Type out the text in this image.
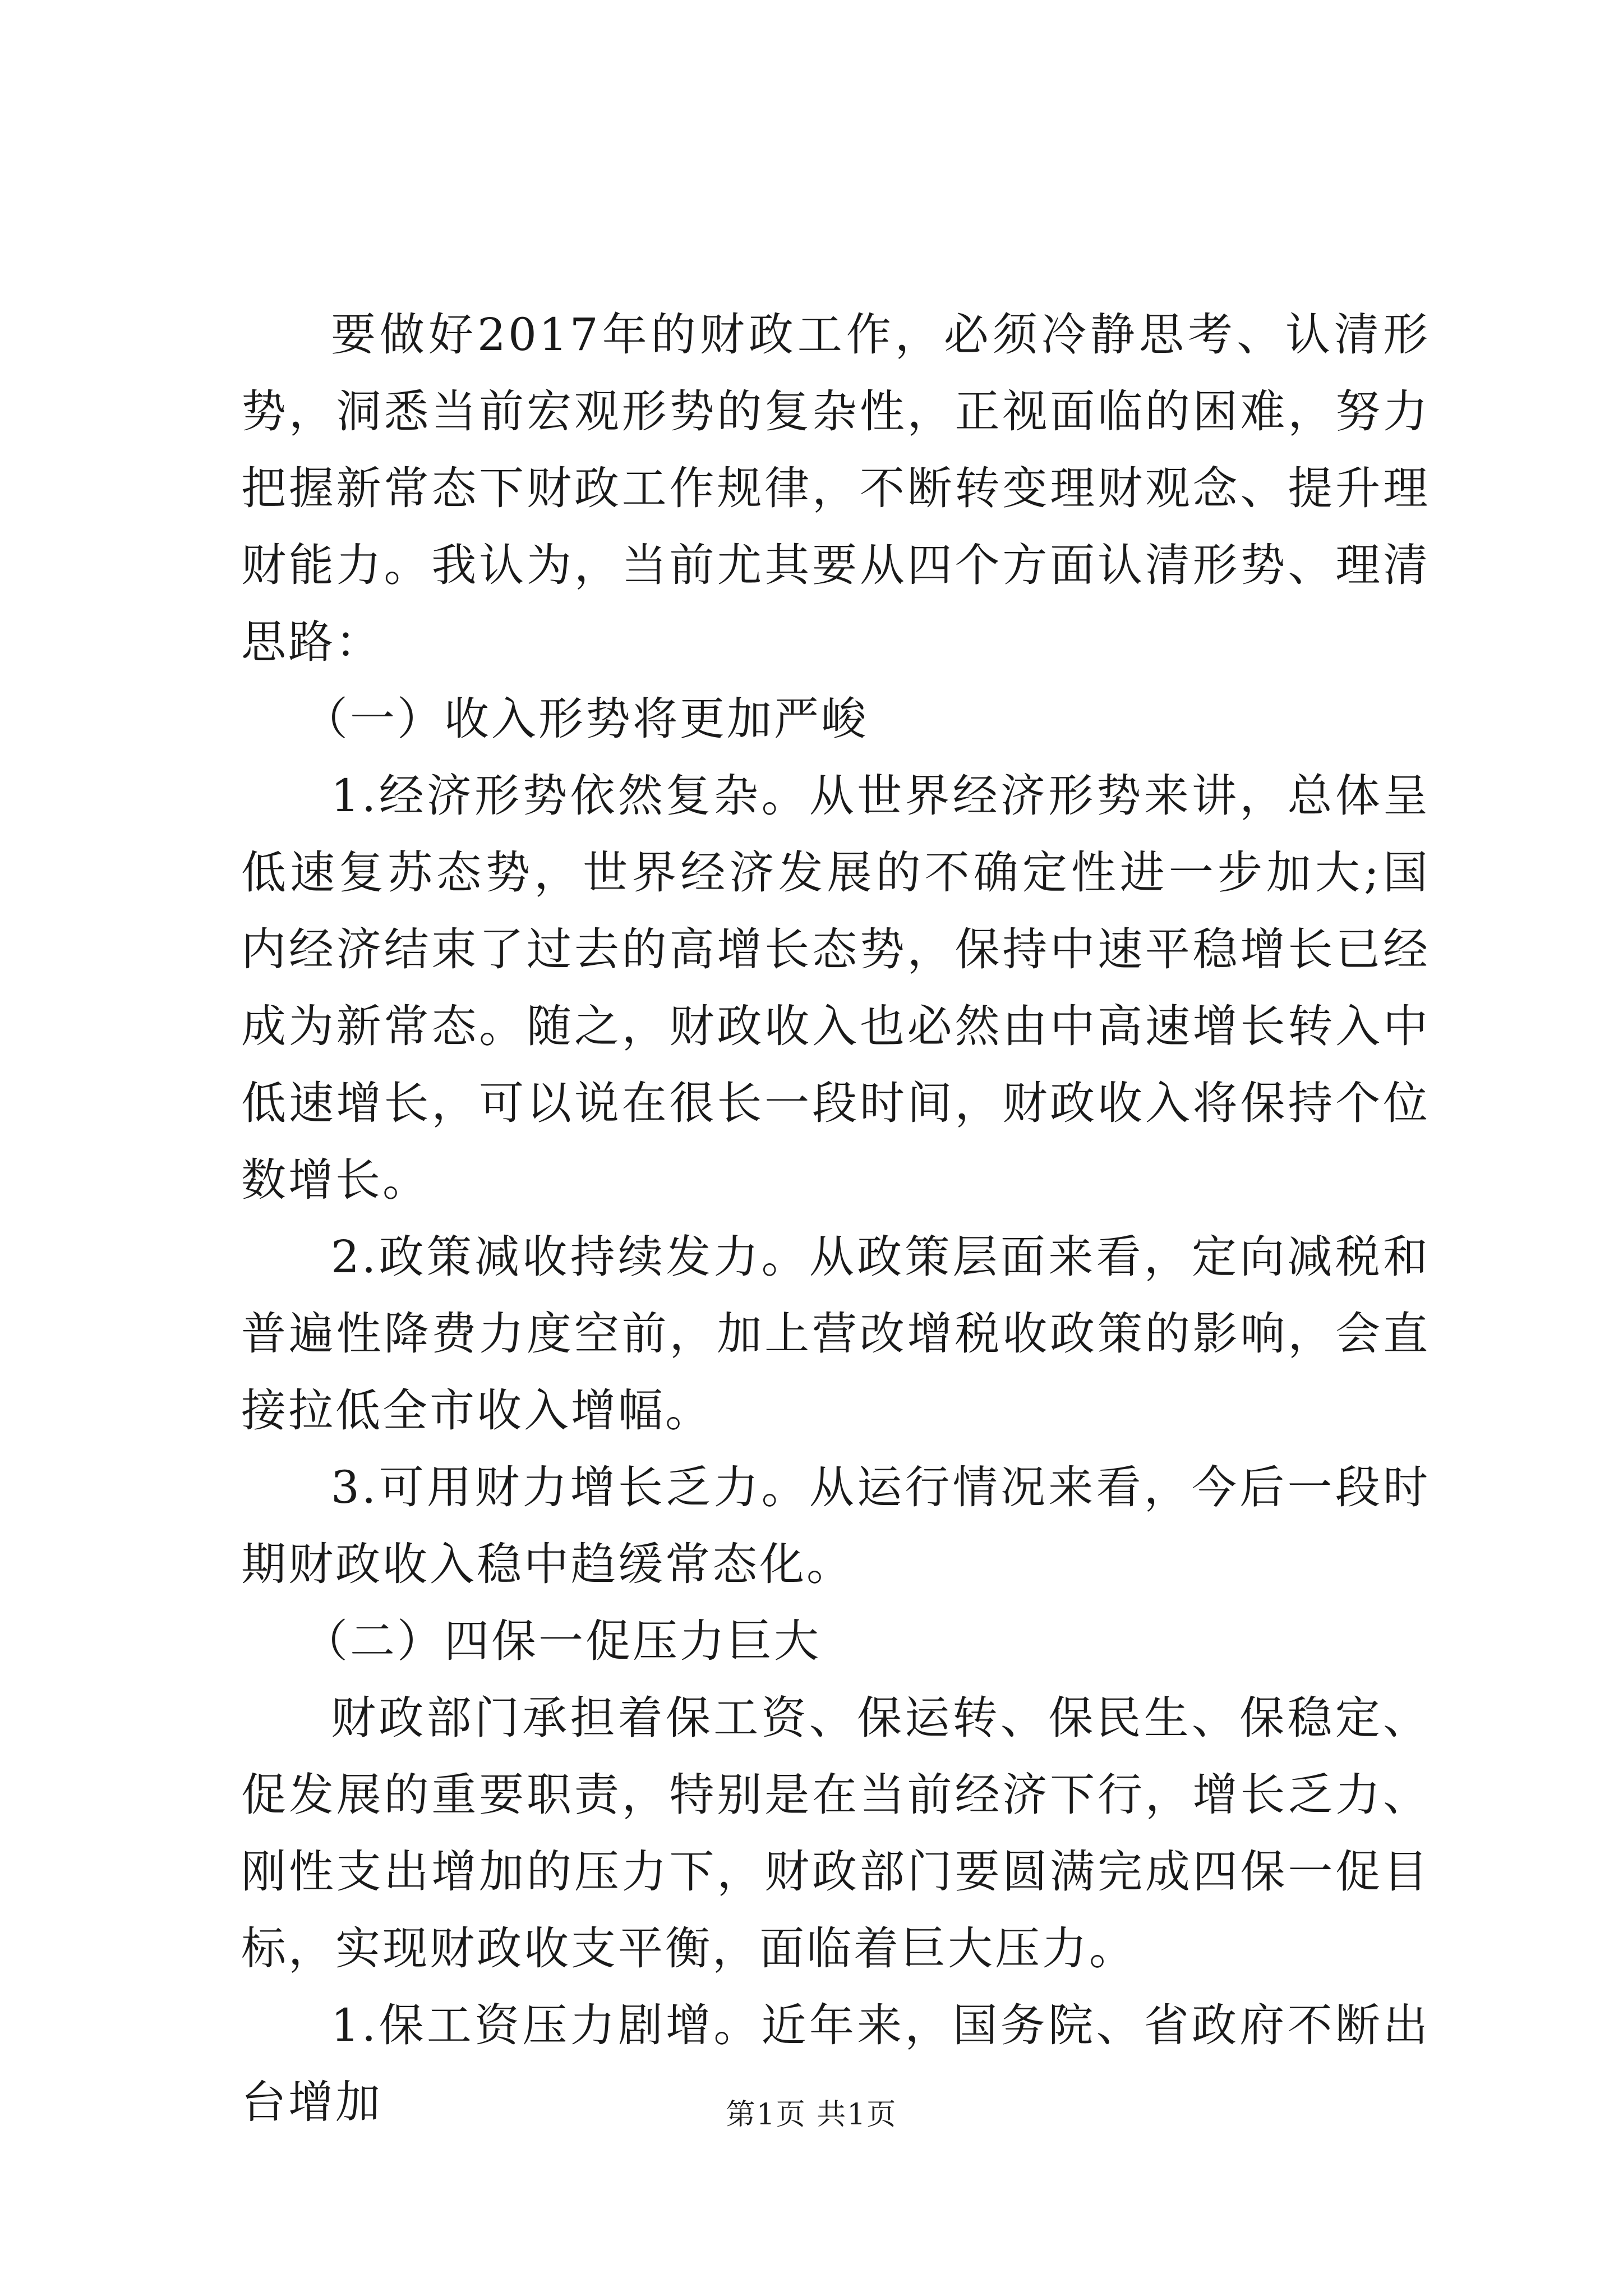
要做好2017年的财政工作，必须冷静思考、认清形势，洞悉当前宏观形势的复杂性，正视面临的困难，努力把握新常态下财政工作规律，不断转变理财观念、提升理财能力。我认为，当前尤其要从四个方面认清形势、理清思路：

（一）收入形势将更加严峻

1.经济形势依然复杂。从世界经济形势来讲，总体呈低速复苏态势，世界经济发展的不确定性进一步加大;国内经济结束了过去的高增长态势，保持中速平稳增长已经成为新常态。随之，财政收入也必然由中高速增长转入中低速增长，可以说在很长一段时间，财政收入将保持个位数增长。

2.政策减收持续发力。从政策层面来看，定向减税和普遍性降费力度空前，加上营改增税收政策的影响，会直接拉低全市收入增幅。

3.可用财力增长乏力。从运行情况来看，今后一段时期财政收入稳中趋缓常态化。

（二）四保一促压力巨大

财政部门承担着保工资、保运转、保民生、保稳定、促发展的重要职责，特别是在当前经济下行，增长乏力、刚性支出增加的压力下，财政部门要圆满完成四保一促目标，实现财政收支平衡，面临着巨大压力。

1.保工资压力剧增。近年来，国务院、省政府不断出台增加	第1页 共1页
